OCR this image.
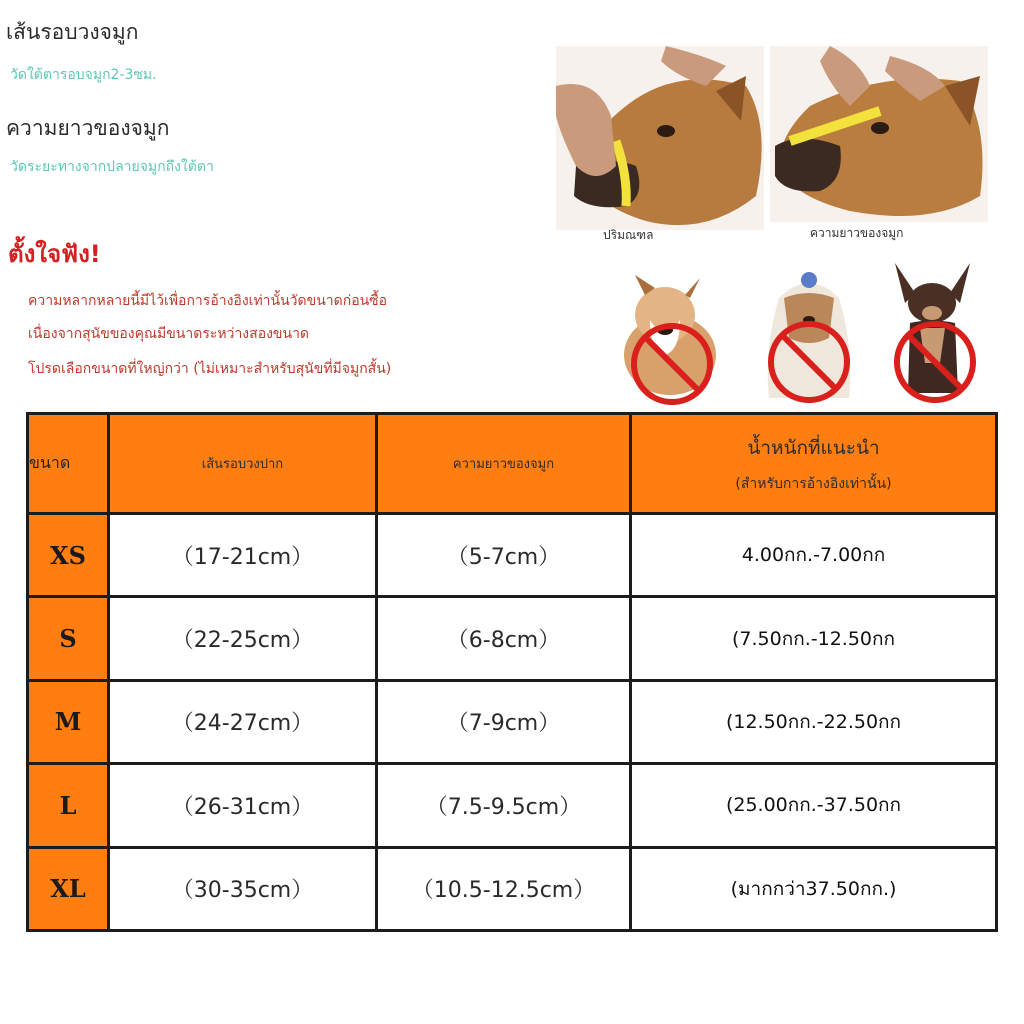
เส้นรอบวงจมูก
วัดใต้ตารอบจมูก2-3ซม.
ความยาวของจมูก
วัดระยะทางจากปลายจมูกถึงใต้ตา
ตั้งใจฟัง!
ความหลากหลายนี้มีไว้เพื่อการอ้างอิงเท่านั้นวัดขนาดก่อนซื้อ
เนื่องจากสุนัขของคุณมีขนาดระหว่างสองขนาด
โปรดเลือกขนาดที่ใหญ่กว่า (ไม่เหมาะสำหรับสุนัขที่มีจมูกสั้น)
ปริมณฑล	ความยาวของจมูก
ขนาด	เส้นรอบวงปาก	ความยาวของจมูก	น้ำหนักที่แนะนำ
(สำหรับการอ้างอิงเท่านั้น)

XS	（17-21cm）	（5-7cm）	4.00กก.-7.00กก
S	（22-25cm）	（6-8cm）	(7.50กก.-12.50กก
M	（24-27cm）	（7-9cm）	(12.50กก.-22.50กก
L	（26-31cm）	（7.5-9.5cm）	(25.00กก.-37.50กก
XL	（30-35cm）	（10.5-12.5cm）	(มากกว่า37.50กก.)
